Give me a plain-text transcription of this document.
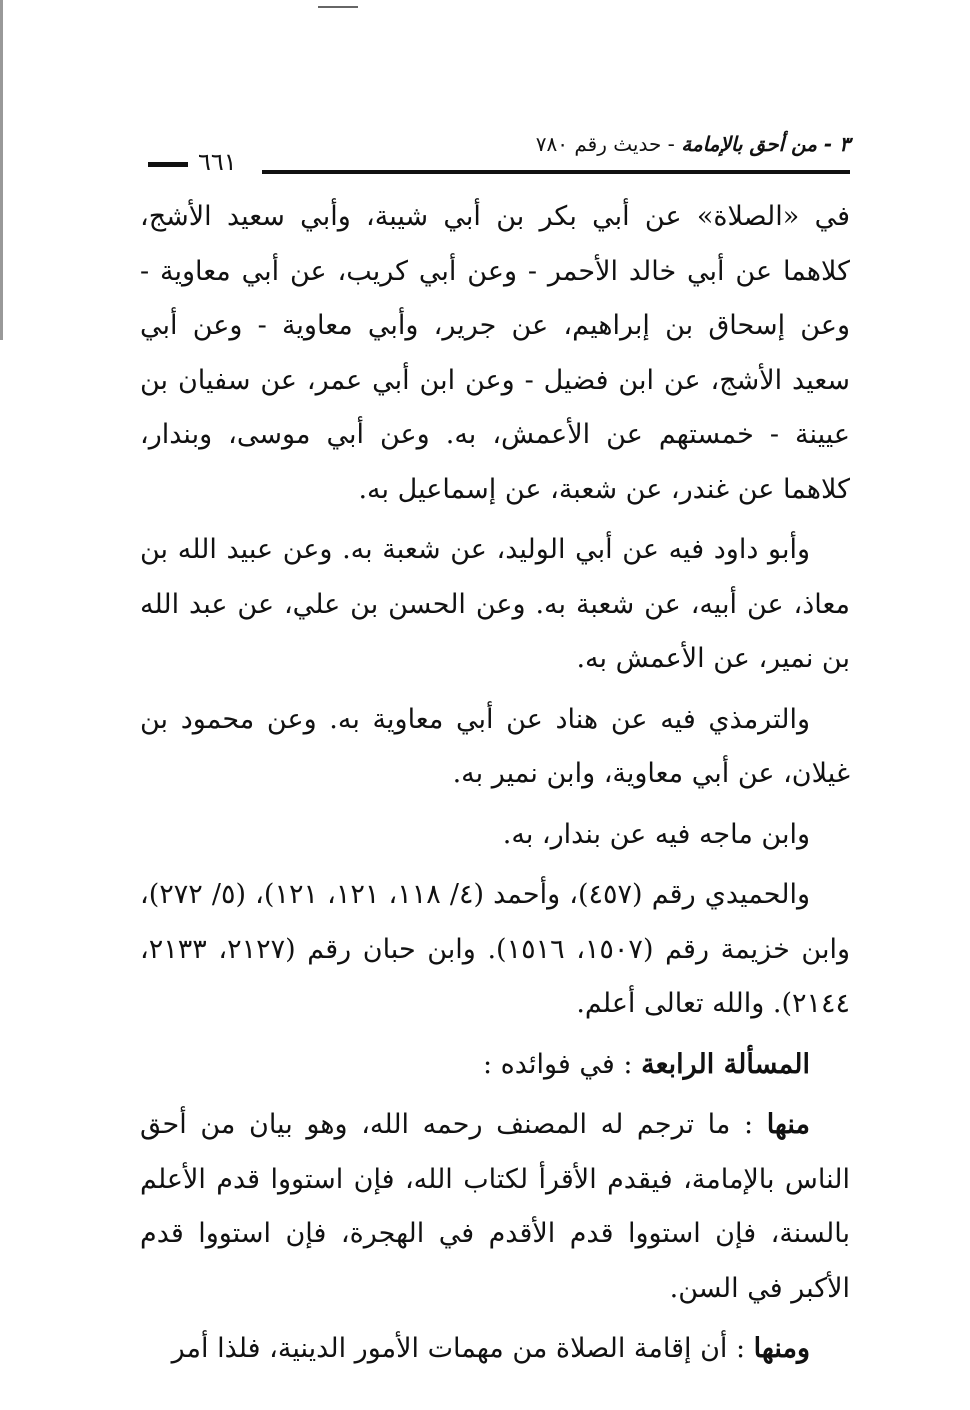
٦٦١
٣ - من أحق بالإمامة - حديث رقم ٧٨٠

في «الصلاة» عن أبي بكر بن أبي شيبة، وأبي سعيد الأشج، كلاهما عن أبي خالد الأحمر - وعن أبي كريب، عن أبي معاوية - وعن إسحاق بن إبراهيم، عن جرير، وأبي معاوية - وعن أبي سعيد الأشج، عن ابن فضيل - وعن ابن أبي عمر، عن سفيان بن عيينة - خمستهم عن الأعمش، به. وعن أبي موسى، وبندار، كلاهما عن غندر، عن شعبة، عن إسماعيل به.

وأبو داود فيه عن أبي الوليد، عن شعبة به. وعن عبيد الله بن معاذ، عن أبيه، عن شعبة به. وعن الحسن بن علي، عن عبد الله بن نمير، عن الأعمش به.

والترمذي فيه عن هناد عن أبي معاوية به. وعن محمود بن غيلان، عن أبي معاوية، وابن نمير به.

وابن ماجه فيه عن بندار، به.

والحميدي رقم (٤٥٧)، وأحمد (٤/ ١١٨، ١٢١، ١٢١)، (٥/ ٢٧٢)، وابن خزيمة رقم (١٥٠٧، ١٥١٦). وابن حبان رقم (٢١٢٧، ٢١٣٣، ٢١٤٤). والله تعالى أعلم.

المسألة الرابعة : في فوائده :

منها : ما ترجم له المصنف رحمه الله، وهو بيان من أحق الناس بالإمامة، فيقدم الأقرأ لكتاب الله، فإن استووا قدم الأعلم بالسنة، فإن استووا قدم الأقدم في الهجرة، فإن استووا قدم الأكبر في السن.

ومنها : أن إقامة الصلاة من مهمات الأمور الدينية، فلذا أمر
